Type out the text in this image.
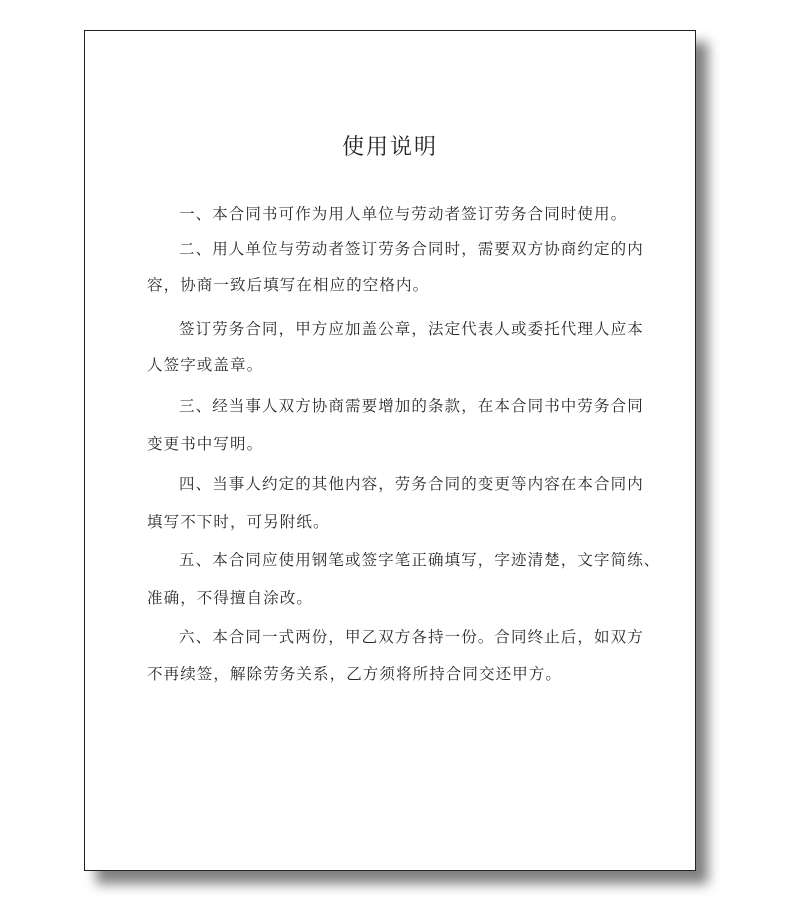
使用说明
一、本合同书可作为用人单位与劳动者签订劳务合同时使用。
二、用人单位与劳动者签订劳务合同时，需要双方协商约定的内
容，协商一致后填写在相应的空格内。
签订劳务合同，甲方应加盖公章，法定代表人或委托代理人应本
人签字或盖章。
三、经当事人双方协商需要增加的条款，在本合同书中劳务合同
变更书中写明。
四、当事人约定的其他内容，劳务合同的变更等内容在本合同内
填写不下时，可另附纸。
五、本合同应使用钢笔或签字笔正确填写，字迹清楚，文字简练、
准确，不得擅自涂改。
六、本合同一式两份，甲乙双方各持一份。合同终止后，如双方
不再续签，解除劳务关系，乙方须将所持合同交还甲方。
